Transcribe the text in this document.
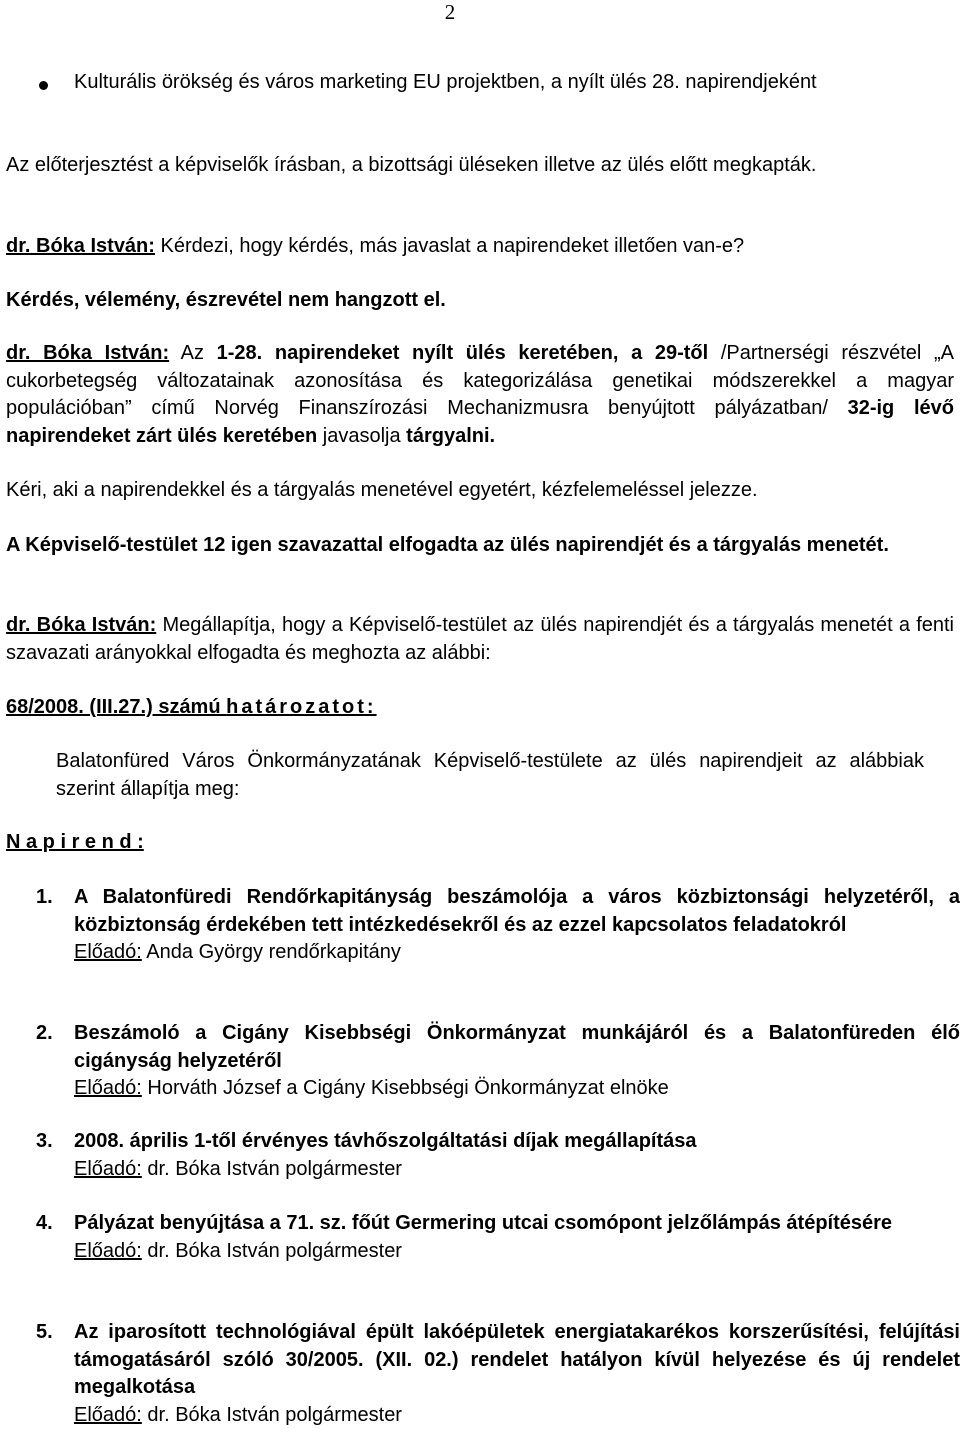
2
Kulturális örökség és város marketing EU projektben, a nyílt ülés 28. napirendjeként
Az előterjesztést a képviselők írásban, a bizottsági üléseken illetve az ülés előtt megkapták.
dr. Bóka István: Kérdezi, hogy kérdés, más javaslat a napirendeket illetően van-e?
Kérdés, vélemény, észrevétel nem hangzott el.
dr. Bóka István: Az 1-28. napirendeket nyílt ülés keretében, a 29-től /Partnerségi részvétel „A cukorbetegség változatainak azonosítása és kategorizálása genetikai módszerekkel a magyar populációban” című Norvég Finanszírozási Mechanizmusra benyújtott pályázatban/ 32-ig lévő napirendeket zárt ülés keretében javasolja tárgyalni.
Kéri, aki a napirendekkel és a tárgyalás menetével egyetért, kézfelemeléssel jelezze.
A Képviselő-testület 12 igen szavazattal elfogadta az ülés napirendjét és a tárgyalás menetét.
dr. Bóka István: Megállapítja, hogy a Képviselő-testület az ülés napirendjét és a tárgyalás menetét a fenti szavazati arányokkal elfogadta és meghozta az alábbi:
68/2008. (III.27.) számú határozatot:
Balatonfüred Város Önkormányzatának Képviselő-testülete az ülés napirendjeit az alábbiak szerint állapítja meg:
N a p i r e n d :
1. A Balatonfüredi Rendőrkapitányság beszámolója a város közbiztonsági helyzetéről, a közbiztonság érdekében tett intézkedésekről és az ezzel kapcsolatos feladatokról
Előadó: Anda György rendőrkapitány
2. Beszámoló a Cigány Kisebbségi Önkormányzat munkájáról és a Balatonfüreden élő cigányság helyzetéről
Előadó: Horváth József a Cigány Kisebbségi Önkormányzat elnöke
3. 2008. április 1-től érvényes távhőszolgáltatási díjak megállapítása
Előadó: dr. Bóka István polgármester
4. Pályázat benyújtása a 71. sz. főút Germering utcai csomópont jelzőlámpás átépítésére
Előadó: dr. Bóka István polgármester
5. Az iparosított technológiával épült lakóépületek energiatakarékos korszerűsítési, felújítási támogatásáról szóló 30/2005. (XII. 02.) rendelet hatályon kívül helyezése és új rendelet megalkotása
Előadó: dr. Bóka István polgármester
